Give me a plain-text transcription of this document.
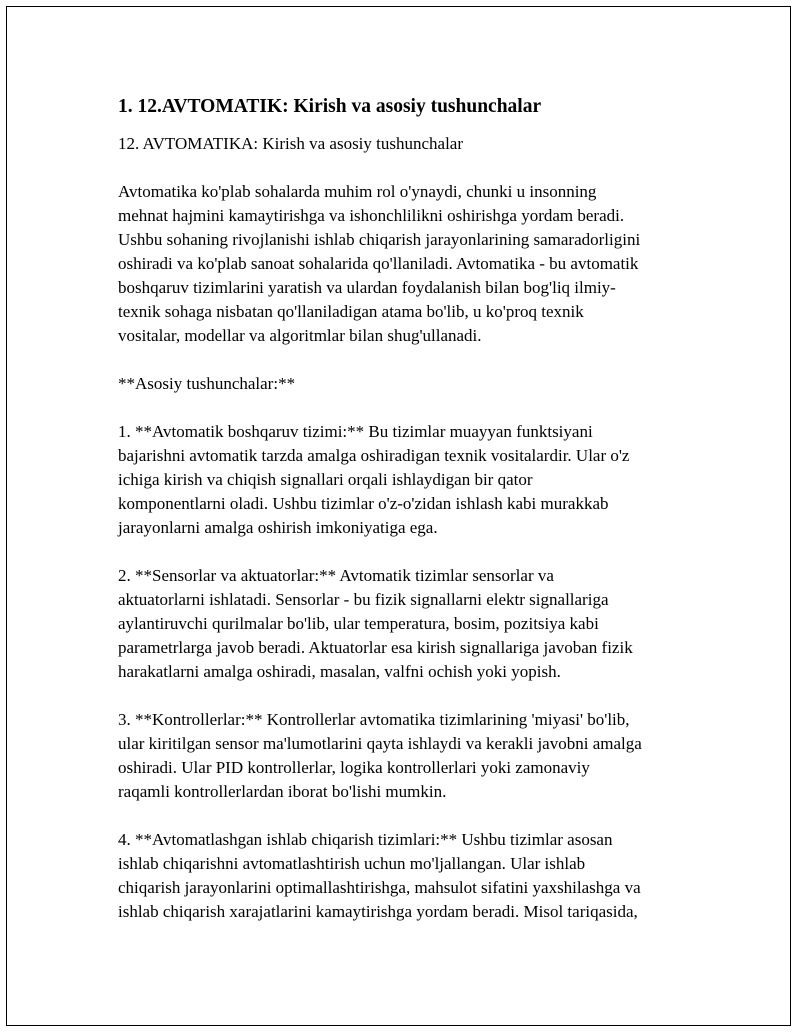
1. 12.AVTOMATIK: Kirish va asosiy tushunchalar
12. AVTOMATIKA: Kirish va asosiy tushunchalar
Avtomatika ko'plab sohalarda muhim rol o'ynaydi, chunki u insonning
mehnat hajmini kamaytirishga va ishonchlilikni oshirishga yordam beradi.
Ushbu sohaning rivojlanishi ishlab chiqarish jarayonlarining samaradorligini
oshiradi va ko'plab sanoat sohalarida qo'llaniladi. Avtomatika - bu avtomatik
boshqaruv tizimlarini yaratish va ulardan foydalanish bilan bog'liq ilmiy-
texnik sohaga nisbatan qo'llaniladigan atama bo'lib, u ko'proq texnik
vositalar, modellar va algoritmlar bilan shug'ullanadi.
**Asosiy tushunchalar:**
1. **Avtomatik boshqaruv tizimi:** Bu tizimlar muayyan funktsiyani
bajarishni avtomatik tarzda amalga oshiradigan texnik vositalardir. Ular o'z
ichiga kirish va chiqish signallari orqali ishlaydigan bir qator
komponentlarni oladi. Ushbu tizimlar o'z-o'zidan ishlash kabi murakkab
jarayonlarni amalga oshirish imkoniyatiga ega.
2. **Sensorlar va aktuatorlar:** Avtomatik tizimlar sensorlar va
aktuatorlarni ishlatadi. Sensorlar - bu fizik signallarni elektr signallariga
aylantiruvchi qurilmalar bo'lib, ular temperatura, bosim, pozitsiya kabi
parametrlarga javob beradi. Aktuatorlar esa kirish signallariga javoban fizik
harakatlarni amalga oshiradi, masalan, valfni ochish yoki yopish.
3. **Kontrollerlar:** Kontrollerlar avtomatika tizimlarining 'miyasi' bo'lib,
ular kiritilgan sensor ma'lumotlarini qayta ishlaydi va kerakli javobni amalga
oshiradi. Ular PID kontrollerlar, logika kontrollerlari yoki zamonaviy
raqamli kontrollerlardan iborat bo'lishi mumkin.
4. **Avtomatlashgan ishlab chiqarish tizimlari:** Ushbu tizimlar asosan
ishlab chiqarishni avtomatlashtirish uchun mo'ljallangan. Ular ishlab
chiqarish jarayonlarini optimallashtirishga, mahsulot sifatini yaxshilashga va
ishlab chiqarish xarajatlarini kamaytirishga yordam beradi. Misol tariqasida,
